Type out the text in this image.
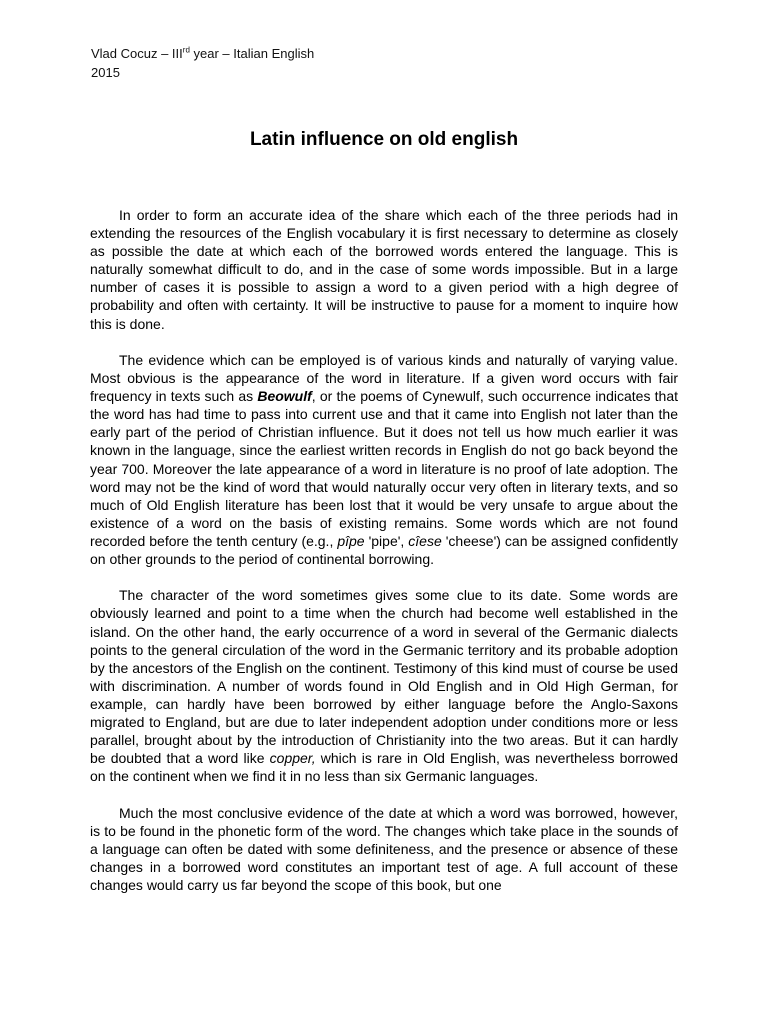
Vlad Cocuz – IIIrd year – Italian English
2015
Latin influence on old english

In order to form an accurate idea of the share which each of the three periods had in extending the resources of the English vocabulary it is first necessary to determine as closely as possible the date at which each of the borrowed words entered the language. This is naturally somewhat difficult to do, and in the case of some words impossible. But in a large number of cases it is possible to assign a word to a given period with a high degree of probability and often with certainty. It will be instructive to pause for a moment to inquire how this is done.

The evidence which can be employed is of various kinds and naturally of varying value. Most obvious is the appearance of the word in literature. If a given word occurs with fair frequency in texts such as Beowulf, or the poems of Cynewulf, such occurrence indicates that the word has had time to pass into current use and that it came into English not later than the early part of the period of Christian influence. But it does not tell us how much earlier it was known in the language, since the earliest written records in English do not go back beyond the year 700. Moreover the late appearance of a word in literature is no proof of late adoption. The word may not be the kind of word that would naturally occur very often in literary texts, and so much of Old English literature has been lost that it would be very unsafe to argue about the existence of a word on the basis of existing remains. Some words which are not found recorded before the tenth century (e.g., pîpe 'pipe', cîese 'cheese') can be assigned confidently on other grounds to the period of continental borrowing.

The character of the word sometimes gives some clue to its date. Some words are obviously learned and point to a time when the church had become well established in the island. On the other hand, the early occurrence of a word in several of the Germanic dialects points to the general circulation of the word in the Germanic territory and its probable adoption by the ancestors of the English on the continent. Testimony of this kind must of course be used with discrimination. A number of words found in Old English and in Old High German, for example, can hardly have been borrowed by either language before the Anglo-Saxons migrated to England, but are due to later independent adoption under conditions more or less parallel, brought about by the introduction of Christianity into the two areas. But it can hardly be doubted that a word like copper, which is rare in Old English, was nevertheless borrowed on the continent when we find it in no less than six Germanic languages.

Much the most conclusive evidence of the date at which a word was borrowed, however, is to be found in the phonetic form of the word. The changes which take place in the sounds of a language can often be dated with some definiteness, and the presence or absence of these changes in a borrowed word constitutes an important test of age. A full account of these changes would carry us far beyond the scope of this book, but one
